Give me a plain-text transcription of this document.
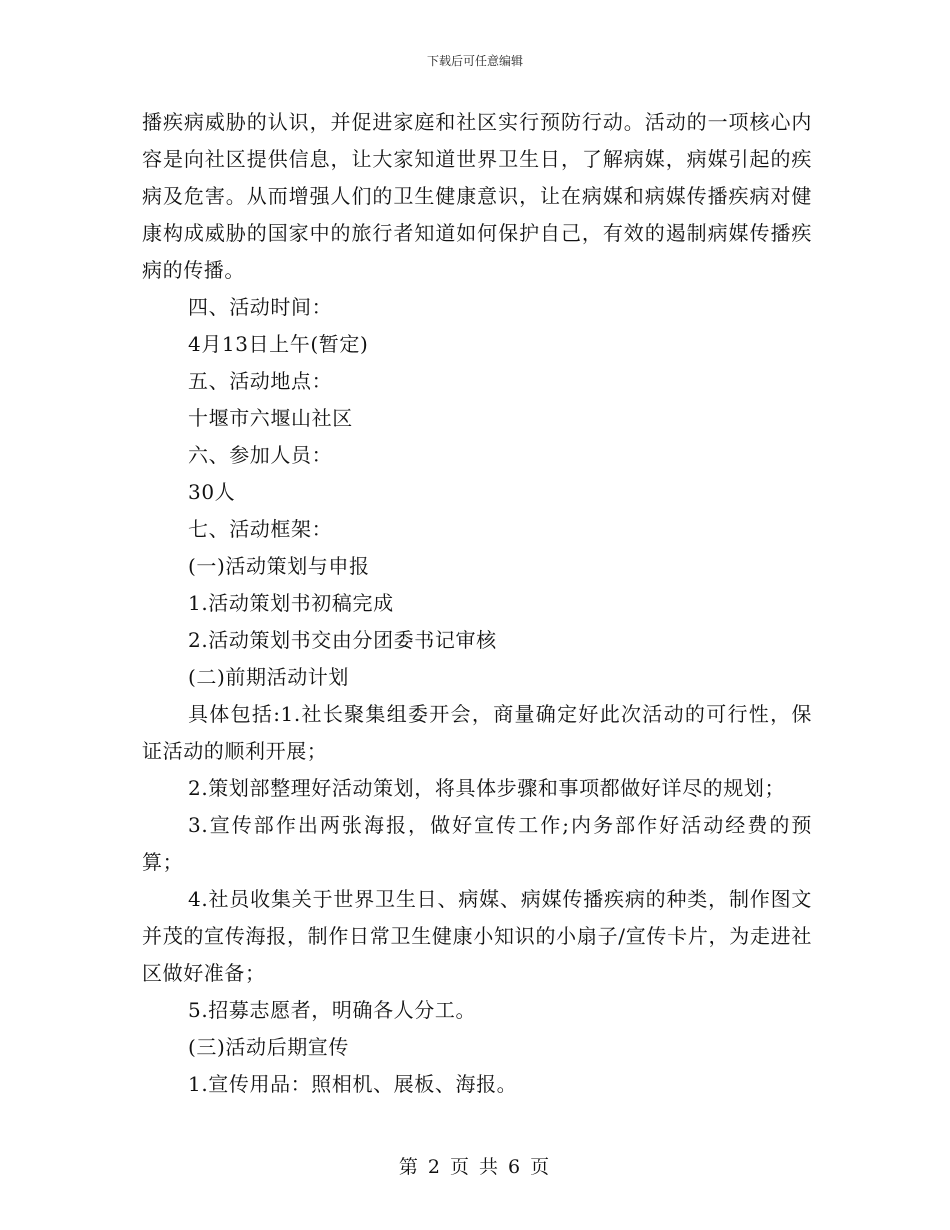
下载后可任意编辑

播疾病威胁的认识，并促进家庭和社区实行预防行动。活动的一项核心内容是向社区提供信息，让大家知道世界卫生日，了解病媒，病媒引起的疾病及危害。从而增强人们的卫生健康意识，让在病媒和病媒传播疾病对健康构成威胁的国家中的旅行者知道如何保护自己，有效的遏制病媒传播疾病的传播。

四、活动时间：

4月13日上午(暂定)

五、活动地点：

十堰市六堰山社区

六、参加人员：

30人

七、活动框架：

(一)活动策划与申报

1.活动策划书初稿完成

2.活动策划书交由分团委书记审核

(二)前期活动计划

具体包括:1.社长聚集组委开会，商量确定好此次活动的可行性，保证活动的顺利开展；

2.策划部整理好活动策划，将具体步骤和事项都做好详尽的规划；

3.宣传部作出两张海报，做好宣传工作;内务部作好活动经费的预算；

4.社员收集关于世界卫生日、病媒、病媒传播疾病的种类，制作图文并茂的宣传海报，制作日常卫生健康小知识的小扇子/宣传卡片，为走进社区做好准备；

5.招募志愿者，明确各人分工。

(三)活动后期宣传

1.宣传用品：照相机、展板、海报。

第 2 页 共 6 页
